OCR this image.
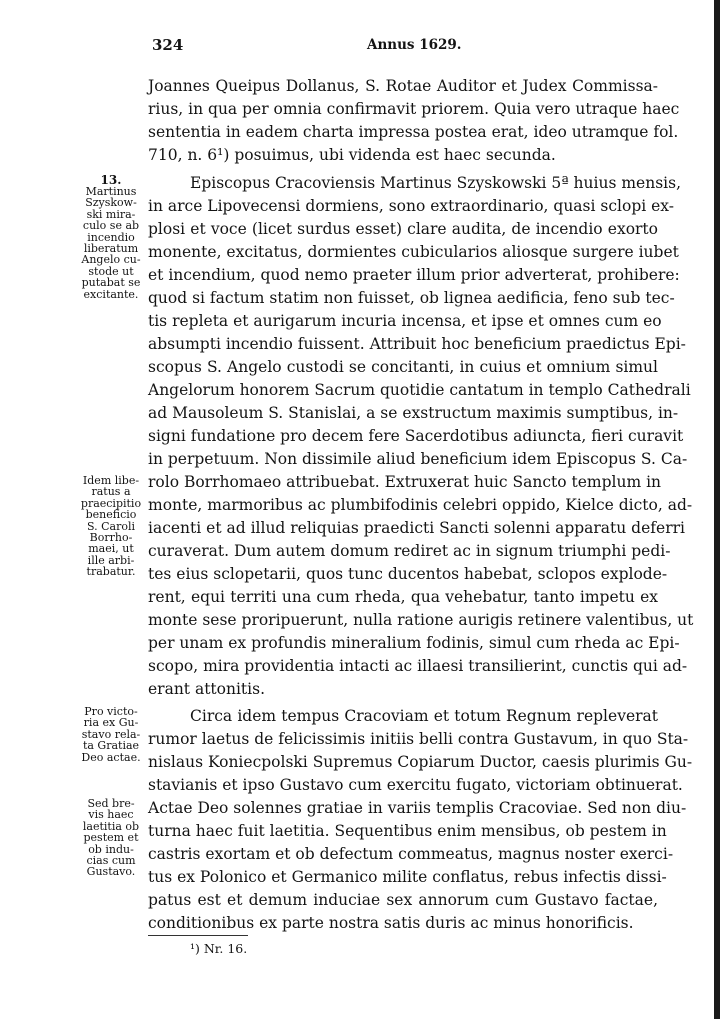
324	Annus 1629.
13.
Martinus
Szyskow-
ski mira-
culo se ab
incendio
liberatum
Angelo cu-
stode ut
putabat se
excitante.
Idem libe-
ratus a
praecipitio
beneficio
S. Caroli
Borrho-
maei, ut
ille arbi-
trabatur.
Pro victo-
ria ex Gu-
stavo rela-
ta Gratiae
Deo actae.
Sed bre-
vis haec
laetitia ob
pestem et
ob indu-
cias cum
Gustavo.
Joannes Queipus Dollanus, S. Rotae Auditor et Judex Commissa-
rius, in qua per omnia confirmavit priorem. Quia vero utraque haec
sententia in eadem charta impressa postea erat, ideo utramque fol.
710, n. 6¹) posuimus, ubi videnda est haec secunda.
Episcopus Cracoviensis Martinus Szyskowski 5ª huius mensis,
in arce Lipovecensi dormiens, sono extraordinario, quasi sclopi ex-
plosi et voce (licet surdus esset) clare audita, de incendio exorto
monente, excitatus, dormientes cubicularios aliosque surgere iubet
et incendium, quod nemo praeter illum prior adverterat, prohibere:
quod si factum statim non fuisset, ob lignea aedificia, feno sub tec-
tis repleta et aurigarum incuria incensa, et ipse et omnes cum eo
absumpti incendio fuissent. Attribuit hoc beneficium praedictus Epi-
scopus S. Angelo custodi se concitanti, in cuius et omnium simul
Angelorum honorem Sacrum quotidie cantatum in templo Cathedrali
ad Mausoleum S. Stanislai, a se exstructum maximis sumptibus, in-
signi fundatione pro decem fere Sacerdotibus adiuncta, fieri curavit
in perpetuum. Non dissimile aliud beneficium idem Episcopus S. Ca-
rolo Borrhomaeo attribuebat. Extruxerat huic Sancto templum in
monte, marmoribus ac plumbifodinis celebri oppido, Kielce dicto, ad-
iacenti et ad illud reliquias praedicti Sancti solenni apparatu deferri
curaverat. Dum autem domum rediret ac in signum triumphi pedi-
tes eius sclopetarii, quos tunc ducentos habebat, sclopos explode-
rent, equi territi una cum rheda, qua vehebatur, tanto impetu ex
monte sese proripuerunt, nulla ratione aurigis retinere valentibus, ut
per unam ex profundis mineralium fodinis, simul cum rheda ac Epi-
scopo, mira providentia intacti ac illaesi transilierint, cunctis qui ad-
erant attonitis.
Circa idem tempus Cracoviam et totum Regnum repleverat
rumor laetus de felicissimis initiis belli contra Gustavum, in quo Sta-
nislaus Koniecpolski Supremus Copiarum Ductor, caesis plurimis Gu-
stavianis et ipso Gustavo cum exercitu fugato, victoriam obtinuerat.
Actae Deo solennes gratiae in variis templis Cracoviae. Sed non diu-
turna haec fuit laetitia. Sequentibus enim mensibus, ob pestem in
castris exortam et ob defectum commeatus, magnus noster exerci-
tus ex Polonico et Germanico milite conflatus, rebus infectis dissi-
patus est et demum induciae sex annorum cum Gustavo factae,
conditionibus ex parte nostra satis duris ac minus honorificis.
¹) Nr. 16.
